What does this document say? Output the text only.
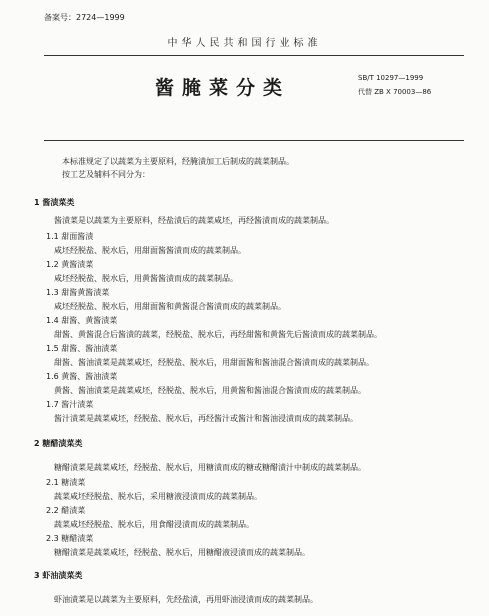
备案号：2724—1999
中华人民共和国行业标准
酱腌菜分类	SB/T 10297—1999
代替 ZB X 70003—86
本标准规定了以蔬菜为主要原料，经腌渍加工后制成的蔬菜制品。
按工艺及辅料不同分为：
1 酱渍菜类
酱渍菜是以蔬菜为主要原料，经盐渍后的蔬菜咸坯，再经酱渍而成的蔬菜制品。
1.1 甜面酱渍
咸坯经脱盐、脱水后，用甜面酱酱渍而成的蔬菜制品。
1.2 黄酱渍菜
咸坯经脱盐、脱水后，用黄酱酱渍而成的蔬菜制品。
1.3 甜酱黄酱渍菜
咸坯经脱盐、脱水后，用甜面酱和黄酱混合酱渍而成的蔬菜制品。
1.4 甜酱、黄酱渍菜
甜酱、黄酱混合后酱渍的蔬菜，经脱盐、脱水后，再经甜酱和黄酱先后酱渍而成的蔬菜制品。
1.5 甜酱、酱油渍菜
甜酱、酱油渍菜是蔬菜咸坯，经脱盐、脱水后，用甜面酱和酱油混合酱渍而成的蔬菜制品。
1.6 黄酱、酱油渍菜
黄酱、酱油渍菜是蔬菜咸坯，经脱盐、脱水后，用黄酱和酱油混合酱渍而成的蔬菜制品。
1.7 酱汁渍菜
酱汁渍菜是蔬菜咸坯，经脱盐、脱水后，再经酱汁或酱汁和酱油浸渍而成的蔬菜制品。
2 糖醋渍菜类
糖醋渍菜是蔬菜咸坯，经脱盐、脱水后，用糖渍而成的糖或糖醋渍汁中制成的蔬菜制品。
2.1 糖渍菜
蔬菜咸坯经脱盐、脱水后，采用糖液浸渍而成的蔬菜制品。
2.2 醋渍菜
蔬菜咸坯经脱盐、脱水后，用食醋浸渍而成的蔬菜制品。
2.3 糖醋渍菜
糖醋渍菜是蔬菜咸坯，经脱盐、脱水后，用糖醋液浸渍而成的蔬菜制品。
3 虾油渍菜类
虾油渍菜是以蔬菜为主要原料，先经盐渍，再用虾油浸渍而成的蔬菜制品。
